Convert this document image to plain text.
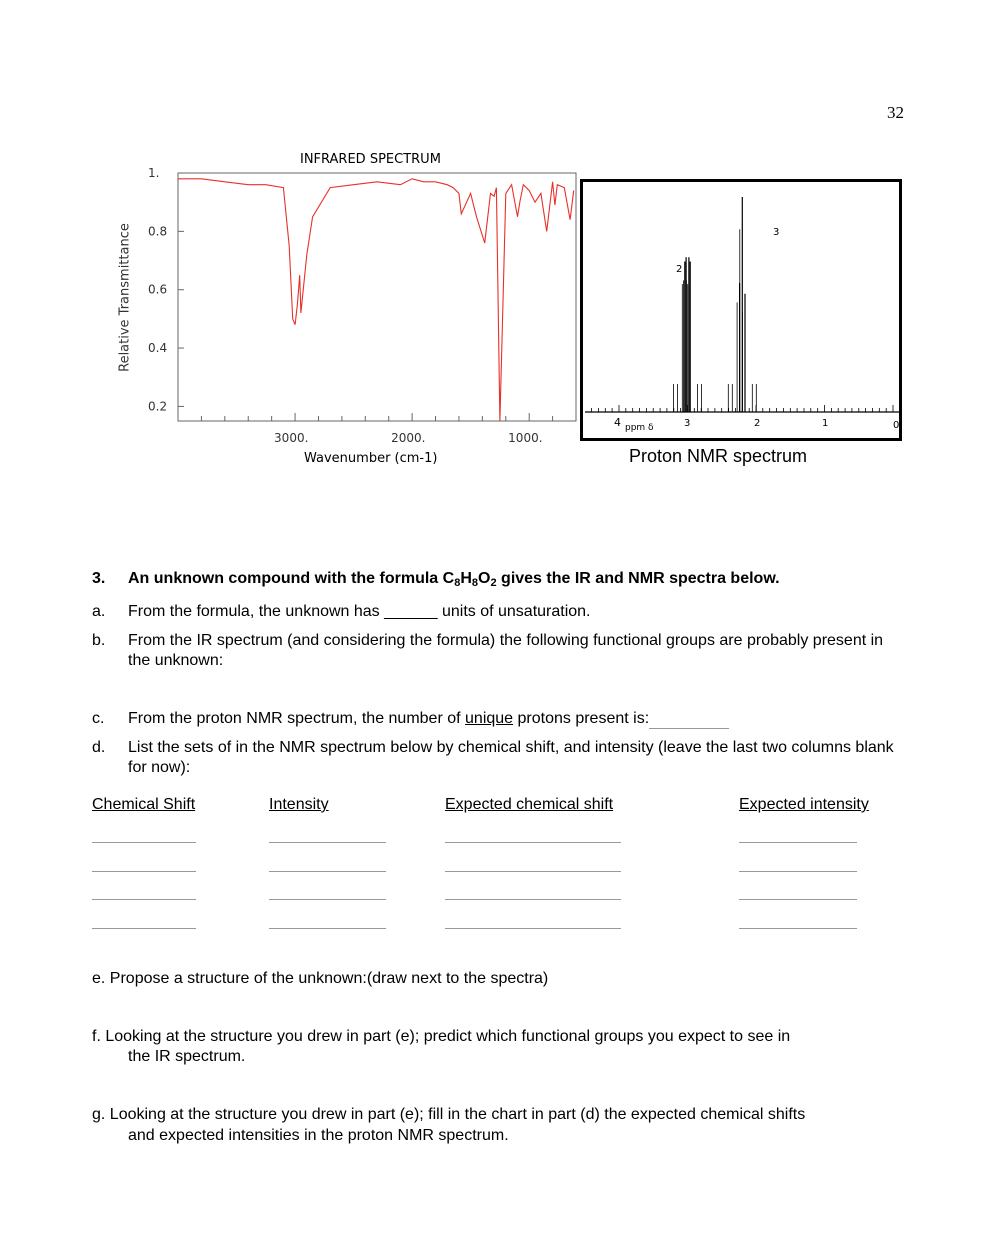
32
INFRARED SPECTRUM
Relative Transmittance
Wavenumber (cm-1)
1.
0.8
0.6
0.4
0.2
3000.	2000.	1000.
2
3
4 ppm δ	3	2	1	0
Proton NMR spectrum
3. An unknown compound with the formula $C_8H_8O_2$ gives the IR and NMR spectra below.
a. From the formula, the unknown has ______ units of unsaturation.
b. From the IR spectrum (and considering the formula) the following functional groups are probably present in the unknown:
c. From the proton NMR spectrum, the number of unique protons present is:
d. List the sets of in the NMR spectrum below by chemical shift, and intensity (leave the last two columns blank for now):
Chemical Shift	Intensity	Expected chemical shift	Expected intensity
e. Propose a structure of the unknown:(draw next to the spectra)
f. Looking at the structure you drew in part (e); predict which functional groups you expect to see in
the IR spectrum.
g. Looking at the structure you drew in part (e); fill in the chart in part (d) the expected chemical shifts
and expected intensities in the proton NMR spectrum.
